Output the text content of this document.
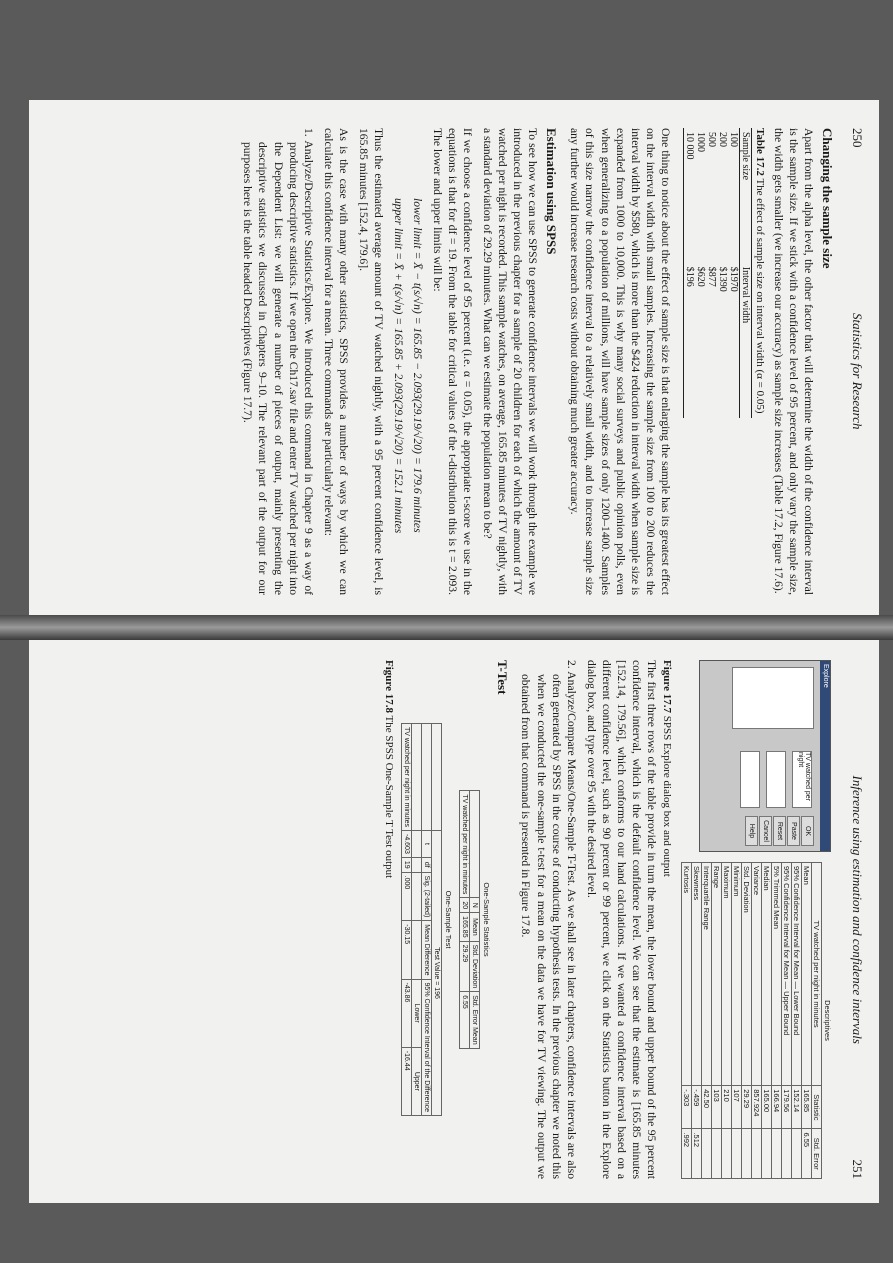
250
Statistics for Research
Changing the sample size

Apart from the alpha level, the other factor that will determine the width of the confidence interval is the sample size. If we stick with a confidence level of 95 percent, and only vary the sample size, the width gets smaller (we increase our accuracy) as sample size increases (Table 17.2, Figure 17.6).

Table 17.2 The effect of sample size on interval width (α = 0.05)
Sample size	Interval width
100	$1970
200	$1390
500	$877
1000	$620
10 000	$196

One thing to notice about the effect of sample size is that enlarging the sample has its greatest effect on the interval width with small samples. Increasing the sample size from 100 to 200 reduces the interval width by $580, which is more than the $424 reduction in interval width when sample size is expanded from 1000 to 10,000. This is why many social surveys and public opinion polls, even when generalizing to a population of millions, will have sample sizes of only 1200–1400. Samples of this size narrow the confidence interval to a relatively small width, and to increase sample size any further would increase research costs without obtaining much greater accuracy.

Estimation using SPSS

To see how we can use SPSS to generate confidence intervals we will work through the example we introduced in the previous chapter for a sample of 20 children for each of which the amount of TV watched per night is recorded. This sample watches, on average, 165.85 minutes of TV nightly, with a standard deviation of 29.29 minutes. What can we estimate the population mean to be?

If we choose a confidence level of 95 percent (i.e. α = 0.05), the appropriate t-score we use in the equations is that for df = 19. From the table for critical values of the t-distribution this is t = 2.093. The lower and upper limits will be:

lower limit = X̄ − t(s/√n) = 165.85 − 2.093(29.19/√20) = 179.6 minutes
upper limit = X̄ + t(s/√n) = 165.85 + 2.093(29.19/√20) = 152.1 minutes

Thus the estimated average amount of TV watched nightly, with a 95 percent confidence level, is 165.85 minutes [152.4, 179.6].

As is the case with many other statistics, SPSS provides a number of ways by which we can calculate this confidence interval for a mean. Three commands are particularly relevant:

1. Analyze/Descriptive Statistics/Explore. We introduced this command in Chapter 9 as a way of producing descriptive statistics. If we open the Ch17.sav file and enter TV watched per night into the Dependent List: we will generate a number of pieces of output, mainly presenting the descriptive statistics we discussed in Chapters 9–10. The relevant part of the output for our purposes here is the table headed Descriptives (Figure 17.7).
Inference using estimation and confidence intervals
251
Explore
TV watched per night
OK
Paste
Reset
Cancel
Help
Descriptives
TV watched per night in minutes	Statistic	Std. Error
Mean	165.85	6.55
95% Confidence Interval for Mean — Lower Bound	152.14	
95% Confidence Interval for Mean — Upper Bound	179.56	
5% Trimmed Mean	166.94	
Median	165.00	
Variance	857.924	
Std. Deviation	29.29	
Minimum	107	
Maximum	210	
Range	103	
Interquartile Range	42.50	
Skewness	-.459	.512
Kurtosis	-.303	.992
Figure 17.7 SPSS Explore dialog box and output

The first three rows of the table provide in turn the mean, the lower bound and upper bound of the 95 percent confidence interval, which is the default confidence level. We can see that the estimate is [165.85 minutes [152.14, 179.56], which conforms to our hand calculations. If we wanted a confidence interval based on a different confidence level, such as 90 percent or 99 percent, we click on the Statistics button in the Explore dialog box, and type over 95 with the desired level.

2. Analyze/Compare Means/One-Sample T-Test. As we shall see in later chapters, confidence intervals are also often generated by SPSS in the course of conducting hypothesis tests. In the previous chapter we noted this when we conducted the one-sample t-test for a mean on the data we have for TV viewing. The output we obtained from that command is presented in Figure 17.8.
T-Test
One-Sample Statistics
	N	Mean	Std. Deviation	Std. Error Mean
TV watched per night in minutes	20	165.85	29.29	6.55
One-Sample Test
	Test Value = 196					
	t	df	Sig. (2-tailed)	Mean Difference	95% Confidence Interval of the Difference	
					Lower	Upper
TV watched per night in minutes	-4.603	19	.000	-30.15	-43.86	-16.44
Figure 17.8 The SPSS One-Sample T Test output
